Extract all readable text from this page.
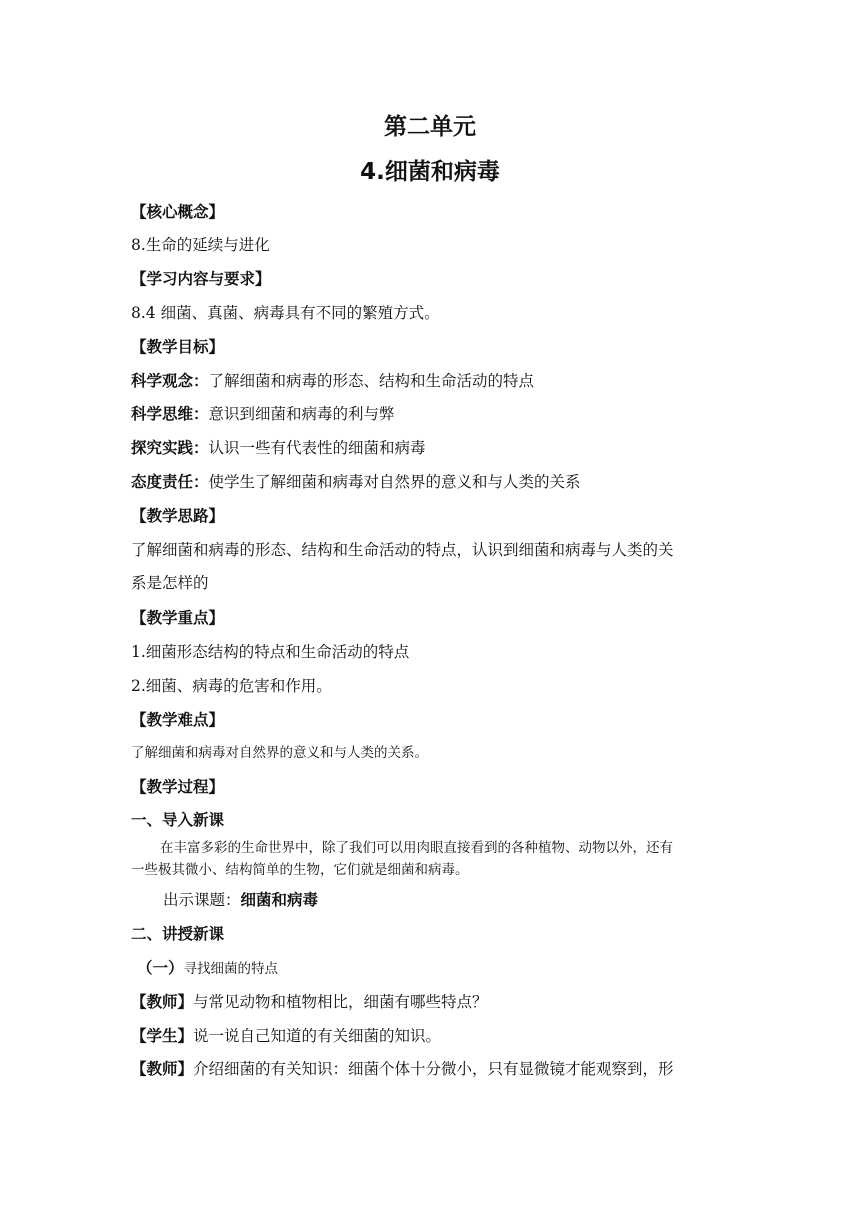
第二单元
4.细菌和病毒
【核心概念】
8.生命的延续与进化
【学习内容与要求】
8.4 细菌、真菌、病毒具有不同的繁殖方式。
【教学目标】
科学观念：了解细菌和病毒的形态、结构和生命活动的特点
科学思维：意识到细菌和病毒的利与弊
探究实践：认识一些有代表性的细菌和病毒
态度责任：使学生了解细菌和病毒对自然界的意义和与人类的关系
【教学思路】
了解细菌和病毒的形态、结构和生命活动的特点，认识到细菌和病毒与人类的关
系是怎样的
【教学重点】
1.细菌形态结构的特点和生命活动的特点
2.细菌、病毒的危害和作用。
【教学难点】
了解细菌和病毒对自然界的意义和与人类的关系。
【教学过程】
一、导入新课
在丰富多彩的生命世界中，除了我们可以用肉眼直接看到的各种植物、动物以外，还有
一些极其微小、结构简单的生物，它们就是细菌和病毒。
出示课题：细菌和病毒
二、讲授新课
（一）寻找细菌的特点
【教师】与常见动物和植物相比，细菌有哪些特点？
【学生】说一说自己知道的有关细菌的知识。
【教师】介绍细菌的有关知识：细菌个体十分微小，只有显微镜才能观察到，形
